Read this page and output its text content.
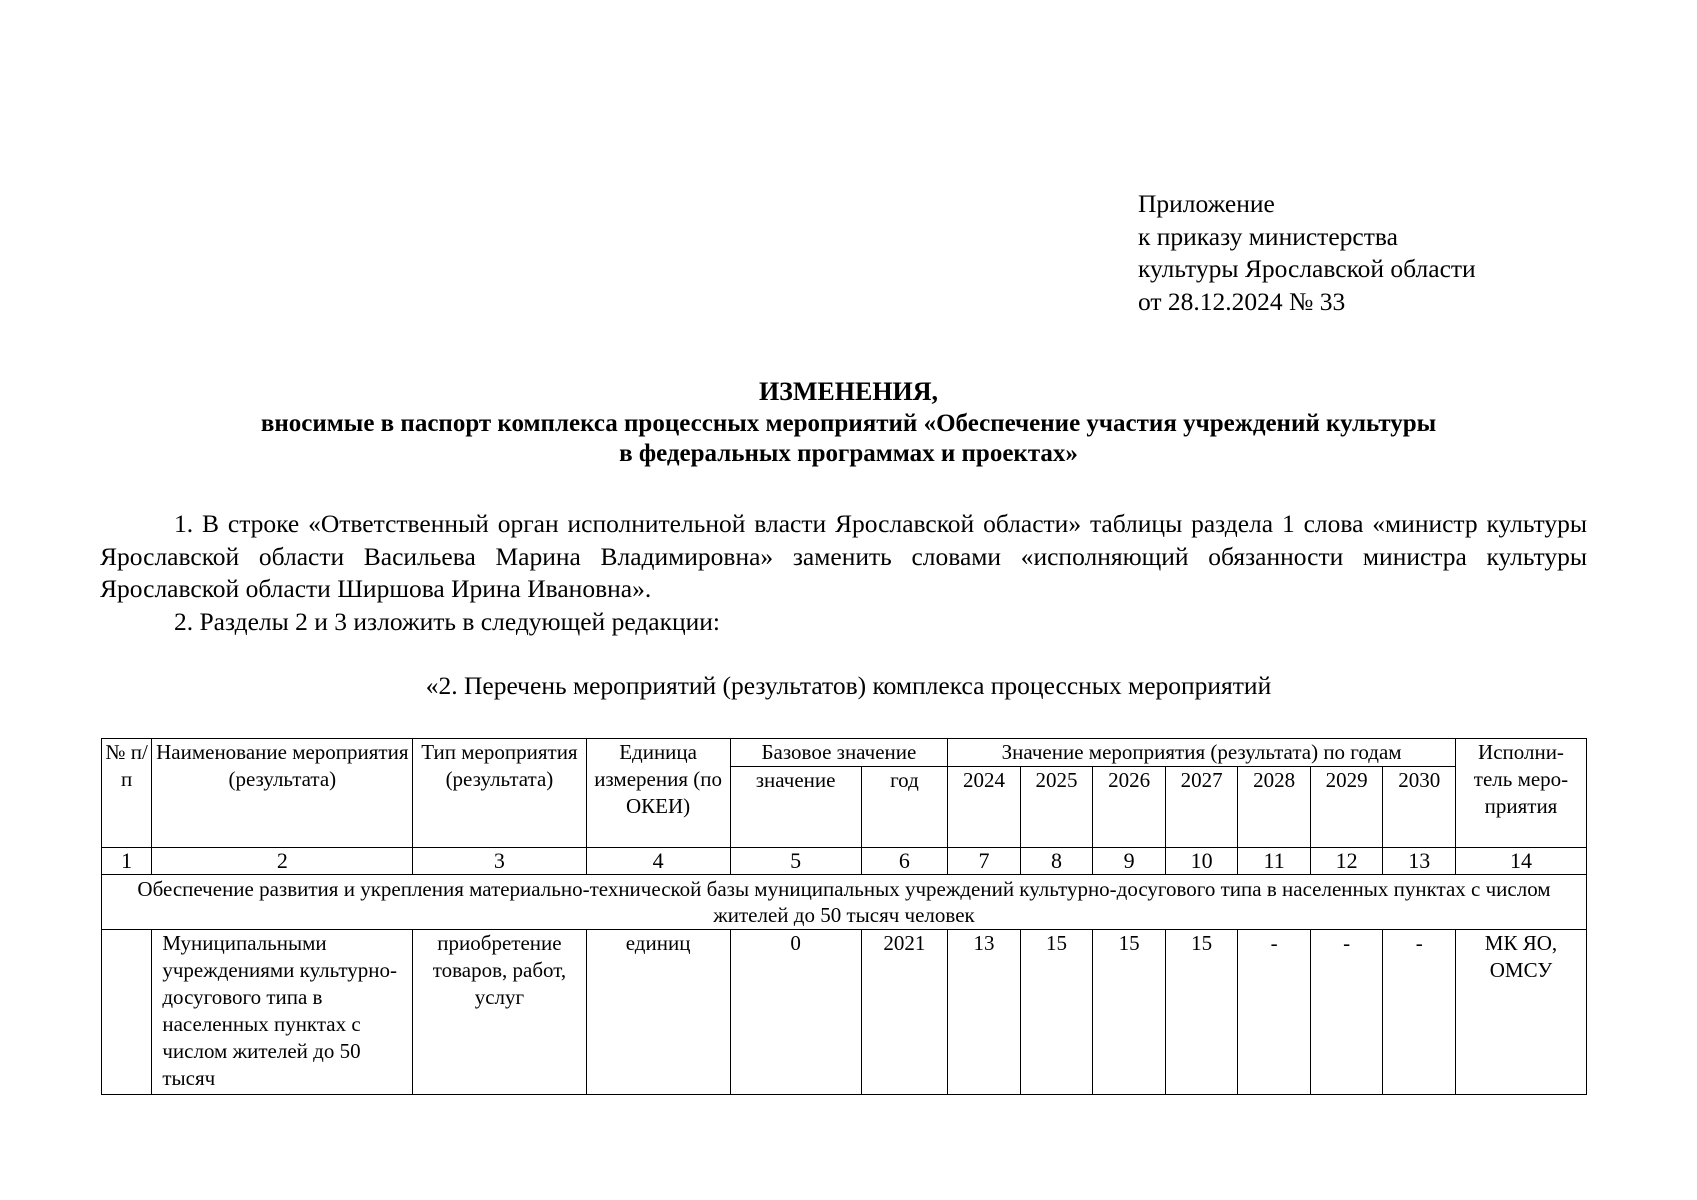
Приложение
к приказу министерства
культуры Ярославской области
от 28.12.2024 № 33
ИЗМЕНЕНИЯ,
вносимые в паспорт комплекса процессных мероприятий «Обеспечение участия учреждений культуры
в федеральных программах и проектах»

1. В строке «Ответственный орган исполнительной власти Ярославской области» таблицы раздела 1 слова «министр культуры Ярославской области Васильева Марина Владимировна» заменить словами «исполняющий обязанности министра культуры Ярославской области Ширшова Ирина Ивановна».

2. Разделы 2 и 3 изложить в следующей редакции:

«2. Перечень мероприятий (результатов) комплекса процессных мероприятий
№ п/п	Наименование мероприятия (результата)	Тип мероприятия (результата)	Единица измерения (по ОКЕИ)	Базовое значение		Значение мероприятия (результата) по годам							Исполни- тель меро- приятия
				значение	год	2024	2025	2026	2027	2028	2029	2030	
1	2	3	4	5	6	7	8	9	10	11	12	13	14
Обеспечение развития и укрепления материально-технической базы муниципальных учреждений культурно-досугового типа в населенных пунктах с числом жителей до 50 тысяч человек													
	Муниципальными учреждениями культурно-досугового типа в населенных пунктах с числом жителей до 50 тысяч	приобретение товаров, работ, услуг	единиц	0	2021	13	15	15	15	-	-	-	МК ЯО, ОМСУ
